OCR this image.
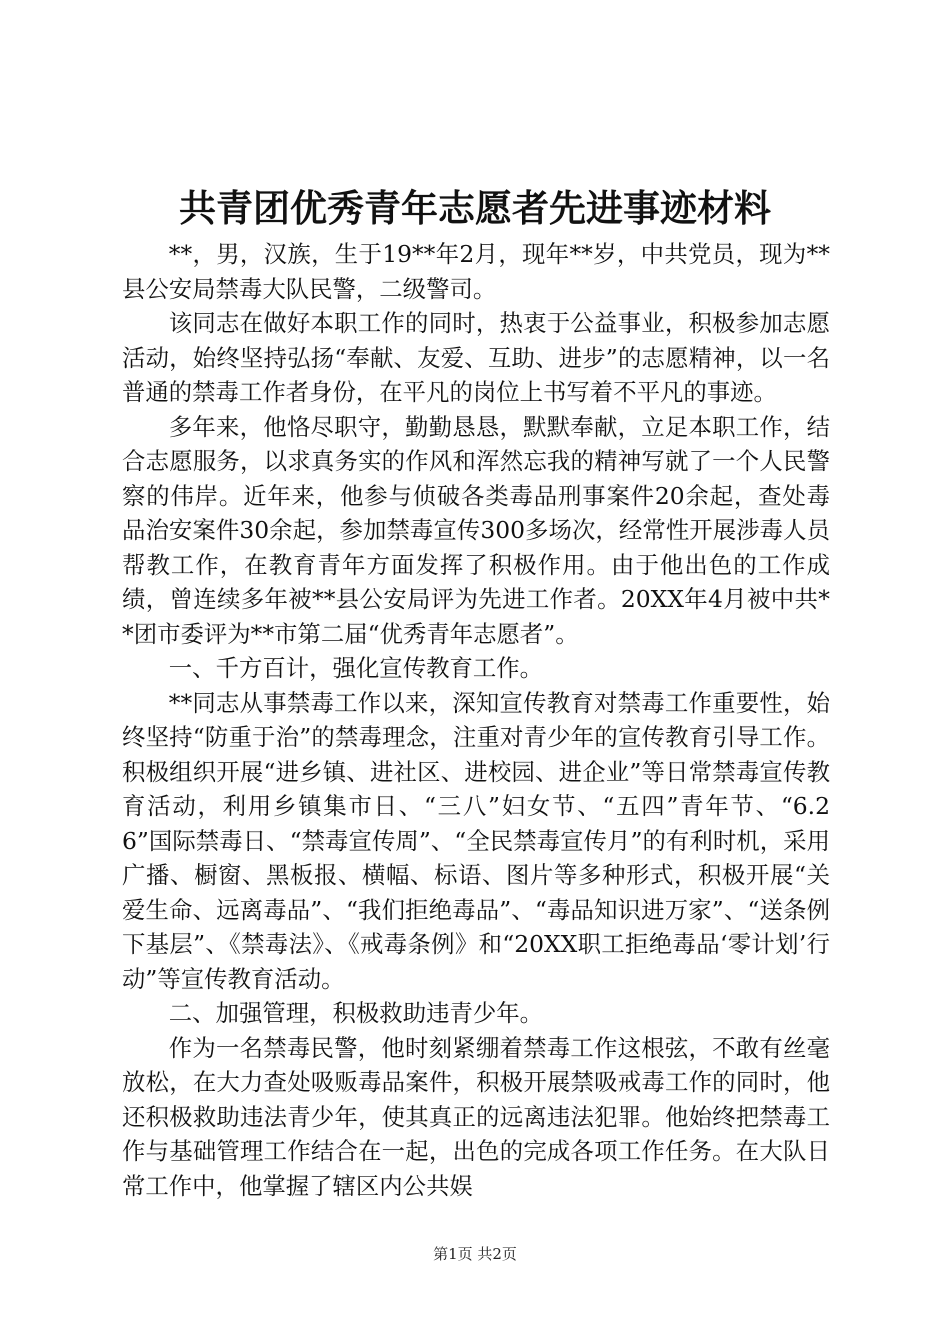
共青团优秀青年志愿者先进事迹材料

**，男，汉族，生于19**年2月，现年**岁，中共党员，现为**县公安局禁毒大队民警，二级警司。

该同志在做好本职工作的同时，热衷于公益事业，积极参加志愿活动，始终坚持弘扬“奉献、友爱、互助、进步”的志愿精神，以一名普通的禁毒工作者身份，在平凡的岗位上书写着不平凡的事迹。

多年来，他恪尽职守，勤勤恳恳，默默奉献，立足本职工作，结合志愿服务，以求真务实的作风和浑然忘我的精神写就了一个人民警察的伟岸。近年来，他参与侦破各类毒品刑事案件20余起，查处毒品治安案件30余起，参加禁毒宣传300多场次，经常性开展涉毒人员帮教工作，在教育青年方面发挥了积极作用。由于他出色的工作成绩，曾连续多年被**县公安局评为先进工作者。20XX年4月被中共**团市委评为**市第二届“优秀青年志愿者”。

一、千方百计，强化宣传教育工作。

**同志从事禁毒工作以来，深知宣传教育对禁毒工作重要性，始终坚持“防重于治”的禁毒理念，注重对青少年的宣传教育引导工作。积极组织开展“进乡镇、进社区、进校园、进企业”等日常禁毒宣传教育活动，利用乡镇集市日、“三八”妇女节、“五四”青年节、“6.26”国际禁毒日、“禁毒宣传周”、“全民禁毒宣传月”的有利时机，采用广播、橱窗、黑板报、横幅、标语、图片等多种形式，积极开展“关爱生命、远离毒品”、“我们拒绝毒品”、“毒品知识进万家”、“送条例下基层”、《禁毒法》、《戒毒条例》和“20XX职工拒绝毒品‘零计划’行动”等宣传教育活动。

二、加强管理，积极救助违青少年。

作为一名禁毒民警，他时刻紧绷着禁毒工作这根弦，不敢有丝毫放松，在大力查处吸贩毒品案件，积极开展禁吸戒毒工作的同时，他还积极救助违法青少年，使其真正的远离违法犯罪。他始终把禁毒工作与基础管理工作结合在一起，出色的完成各项工作任务。在大队日常工作中，他掌握了辖区内公共娱

第1页 共2页
